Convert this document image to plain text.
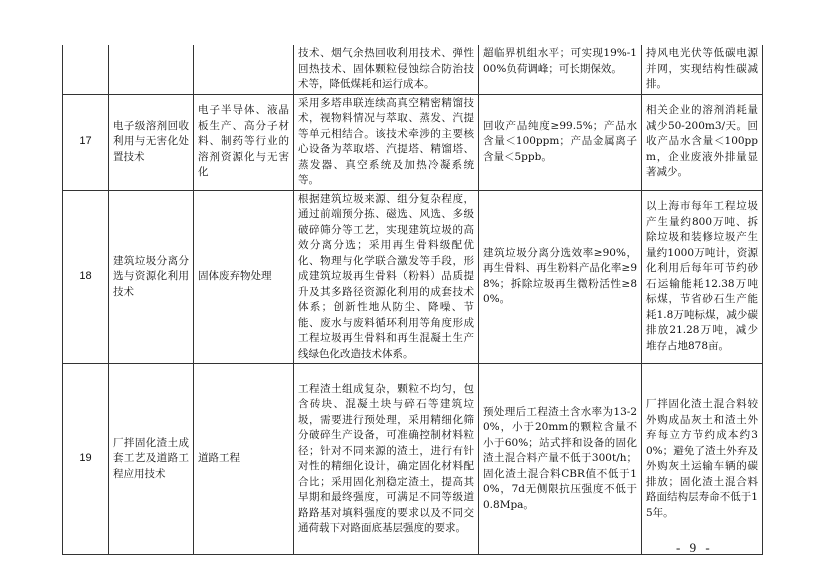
			技术、烟气余热回收利用技术、弹性回热技术、固体颗粒侵蚀综合防治技术等，降低煤耗和运行成本。	超临界机组水平；可实现19%-100%负荷调峰；可长期保效。	持风电光伏等低碳电源并网，实现结构性碳减排。
17	电子级溶剂回收利用与无害化处置技术	电子半导体、液晶板生产、高分子材料、制药等行业的溶剂资源化与无害化	采用多塔串联连续高真空精密精馏技术，视物料情况与萃取、蒸发、汽提等单元相结合。该技术牵涉的主要核心设备为萃取塔、汽提塔、精馏塔、蒸发器、真空系统及加热冷凝系统等。	回收产品纯度≥99.5%；产品水含量＜100ppm；产品金属离子含量＜5ppb。	相关企业的溶剂消耗量减少50-200m3/天。回收产品水含量＜100ppm，企业废液外排量显著减少。
18	建筑垃圾分离分选与资源化利用技术	固体废弃物处理	根据建筑垃圾来源、组分复杂程度，通过前端预分拣、磁选、风选、多级破碎筛分等工艺，实现建筑垃圾的高效分离分选；采用再生骨料级配优化、物理与化学联合激发等手段，形成建筑垃圾再生骨料（粉料）品质提升及其多路径资源化利用的成套技术体系；创新性地从防尘、降噪、节能、废水与废料循环利用等角度形成工程垃圾再生骨料和再生混凝土生产线绿色化改造技术体系。	建筑垃圾分离分选效率≥90%，再生骨料、再生粉料产品化率≥98%；拆除垃圾再生微粉活性≥80%。	以上海市每年工程垃圾产生量约800万吨、拆除垃圾和装修垃圾产生量约1000万吨计，资源化利用后每年可节约砂石运输能耗12.38万吨标煤，节省砂石生产能耗1.8万吨标煤，减少碳排放21.28万吨，减少堆存占地878亩。
19	厂拌固化渣土成套工艺及道路工程应用技术	道路工程	工程渣土组成复杂，颗粒不均匀，包含砖块、混凝土块与碎石等建筑垃圾，需要进行预处理，采用精细化筛分破碎生产设备，可准确控制材料粒径；针对不同来源的渣土，进行有针对性的精细化设计，确定固化材料配合比；采用固化剂稳定渣土，提高其早期和最终强度，可满足不同等级道路路基对填料强度的要求以及不同交通荷载下对路面底基层强度的要求。	预处理后工程渣土含水率为13-20%，小于20mm的颗粒含量不小于60%；站式拌和设备的固化渣土混合料产量不低于300t/h；固化渣土混合料CBR值不低于10%，7d无侧限抗压强度不低于0.8Mpa。	厂拌固化渣土混合料较外购成品灰土和渣土外弃每立方节约成本约30%；避免了渣土外弃及外购灰土运输车辆的碳排放；固化渣土混合料路面结构层寿命不低于15年。
- 9 -
